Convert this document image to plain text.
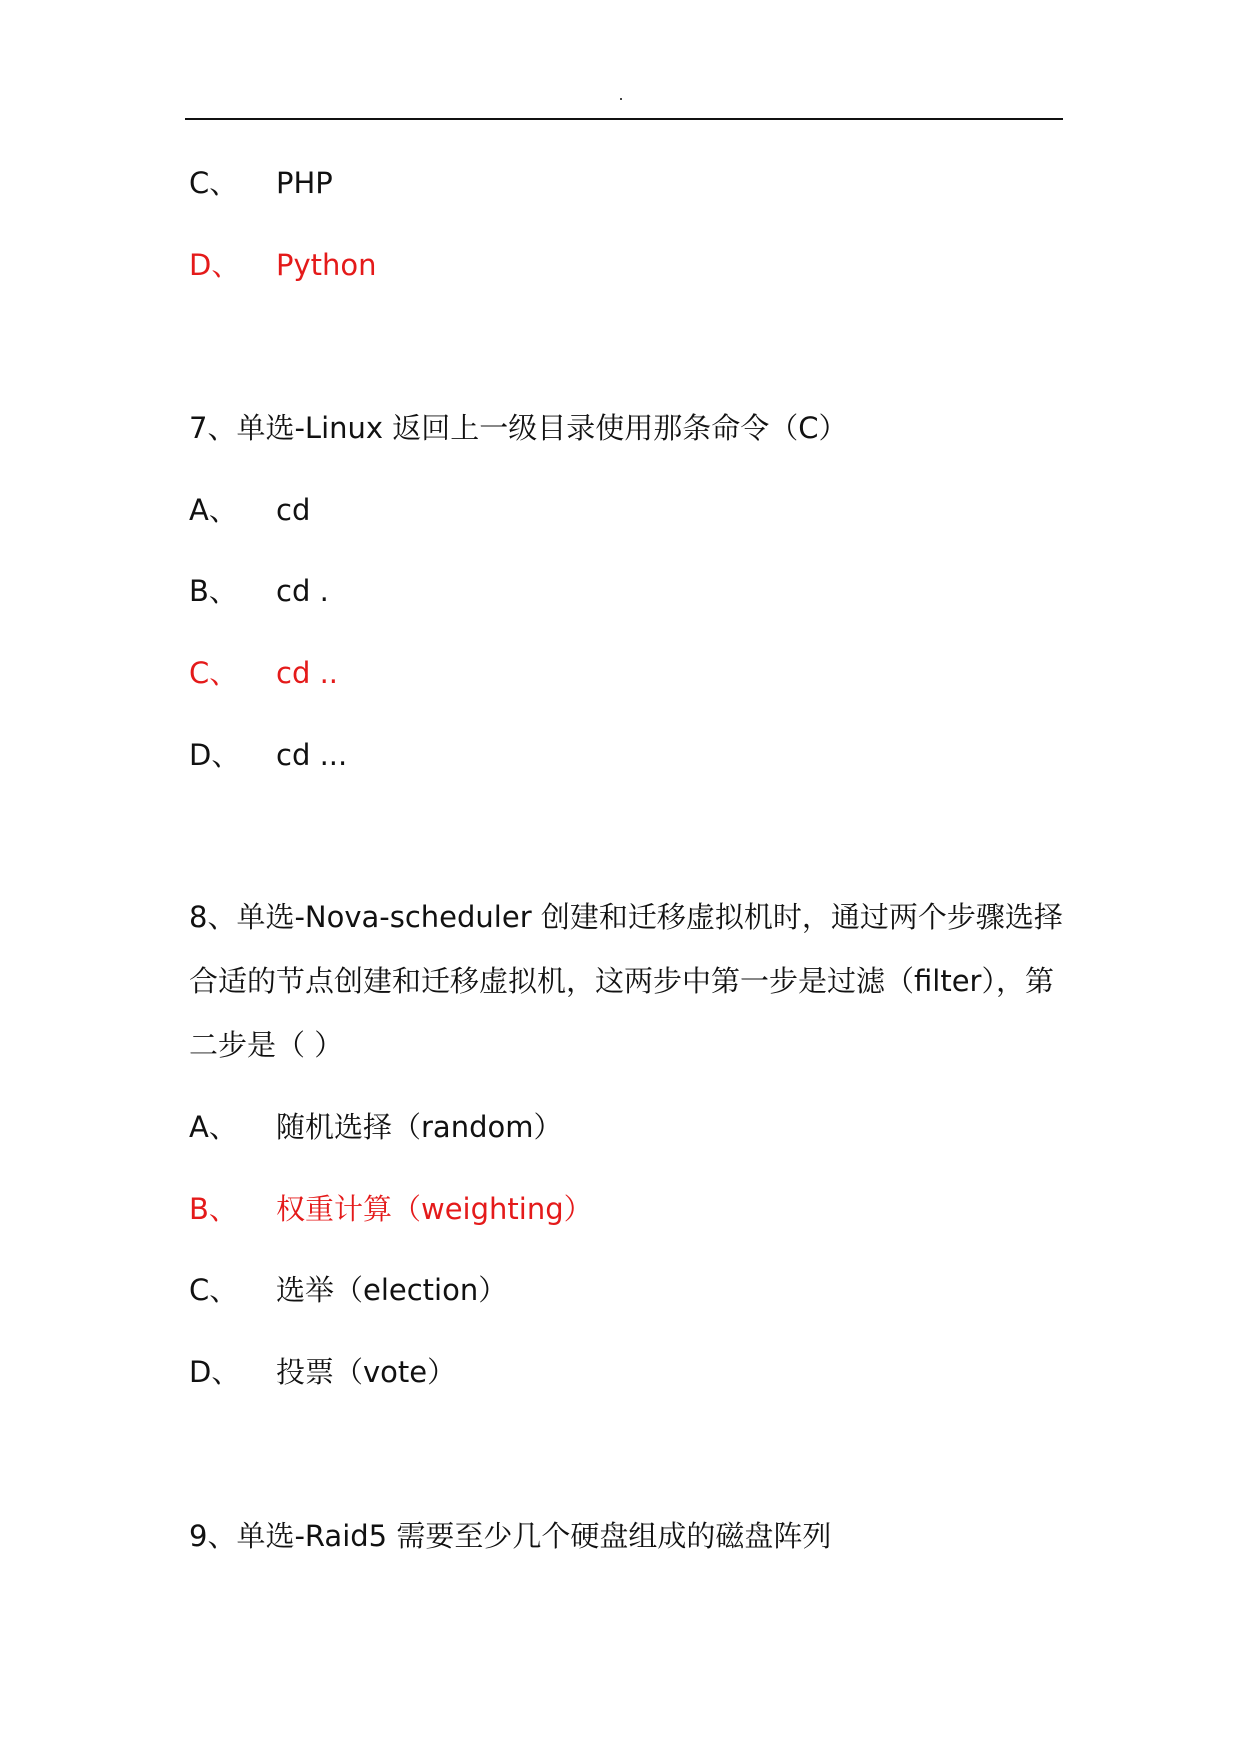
C、 PHP
D、 Python
7、单选-Linux 返回上一级目录使用那条命令（C）
A、 cd
B、 cd .
C、 cd ..
D、 cd ...
8、单选-Nova-scheduler 创建和迁移虚拟机时，通过两个步骤选择
合适的节点创建和迁移虚拟机，这两步中第一步是过滤（filter），第
二步是（ ）
A、 随机选择（random）
B、 权重计算（weighting）
C、 选举（election）
D、 投票（vote）
9、单选-Raid5 需要至少几个硬盘组成的磁盘阵列
